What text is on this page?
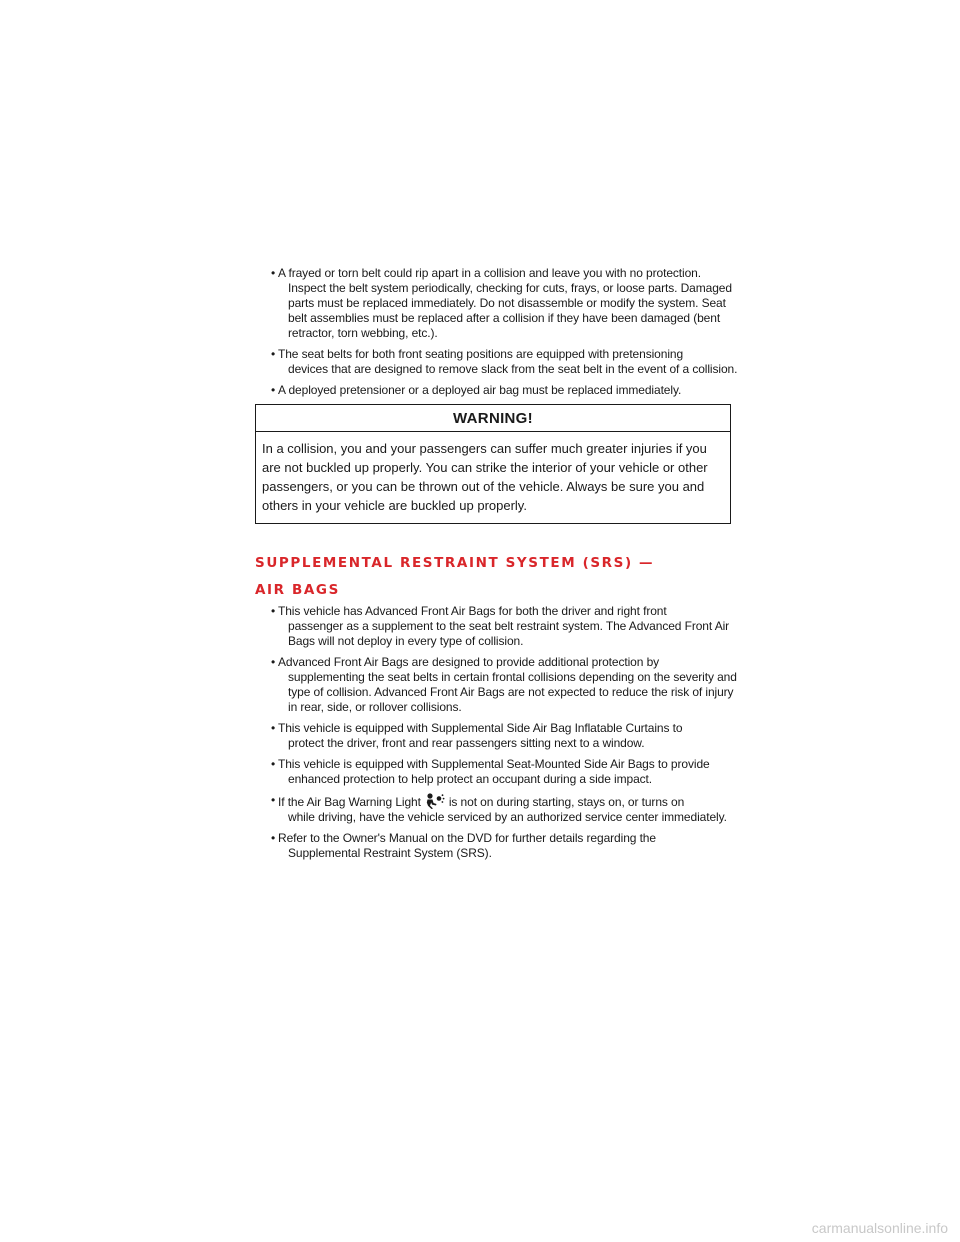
• A frayed or torn belt could rip apart in a collision and leave you with no protection.
Inspect the belt system periodically, checking for cuts, frays, or loose parts. Damaged parts must be replaced immediately. Do not disassemble or modify the system. Seat belt assemblies must be replaced after a collision if they have been damaged (bent retractor, torn webbing, etc.).
• The seat belts for both front seating positions are equipped with pretensioning
devices that are designed to remove slack from the seat belt in the event of a collision.
• A deployed pretensioner or a deployed air bag must be replaced immediately.
WARNING!
In a collision, you and your passengers can suffer much greater injuries if you are not buckled up properly. You can strike the interior of your vehicle or other passengers, or you can be thrown out of the vehicle. Always be sure you and others in your vehicle are buckled up properly.
SUPPLEMENTAL RESTRAINT SYSTEM (SRS) —
AIR BAGS
• This vehicle has Advanced Front Air Bags for both the driver and right front
passenger as a supplement to the seat belt restraint system. The Advanced Front Air Bags will not deploy in every type of collision.
• Advanced Front Air Bags are designed to provide additional protection by
supplementing the seat belts in certain frontal collisions depending on the severity and type of collision. Advanced Front Air Bags are not expected to reduce the risk of injury in rear, side, or rollover collisions.
• This vehicle is equipped with Supplemental Side Air Bag Inflatable Curtains to
protect the driver, front and rear passengers sitting next to a window.
• This vehicle is equipped with Supplemental Seat-Mounted Side Air Bags to provide
enhanced protection to help protect an occupant during a side impact.
• If the Air Bag Warning Light is not on during starting, stays on, or turns on
while driving, have the vehicle serviced by an authorized service center immediately.
• Refer to the Owner's Manual on the DVD for further details regarding the
Supplemental Restraint System (SRS).
carmanualsonline.info
